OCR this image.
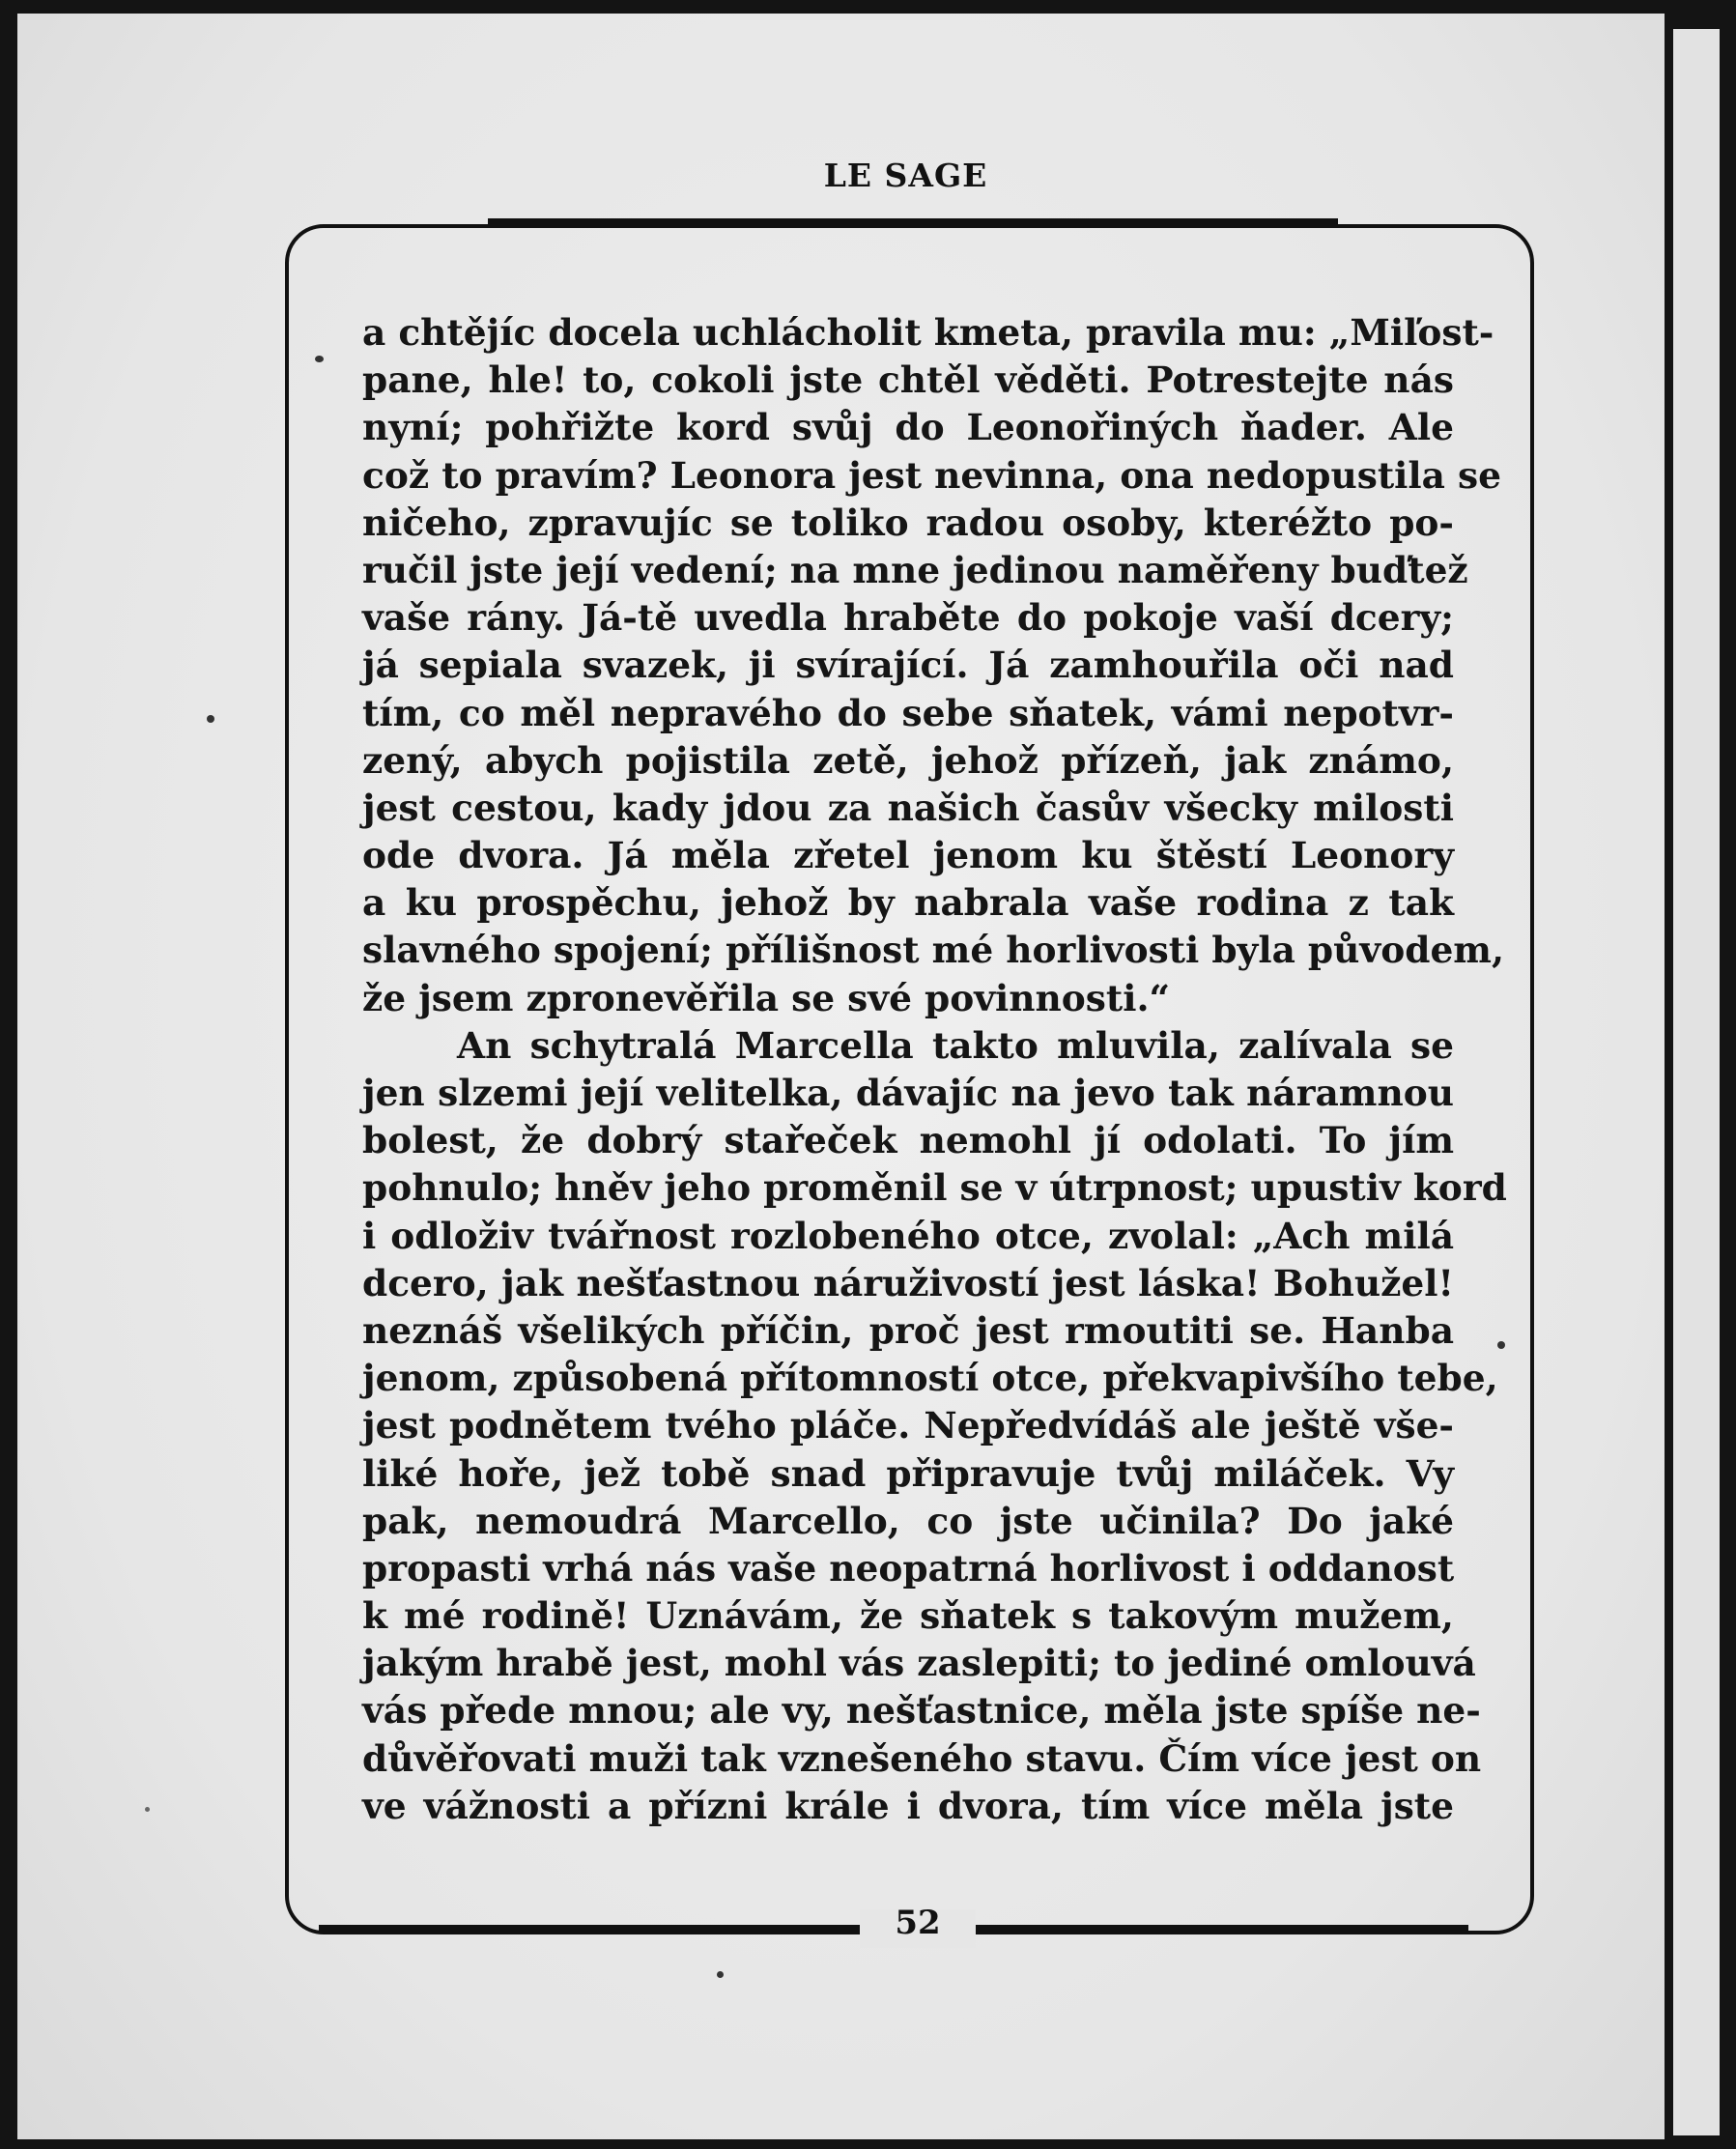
LE SAGE
52
a chtějíc docela uchlácholit kmeta, pravila mu: „Miľost-
pane, hle! to, cokoli jste chtěl věděti. Potrestejte nás
nyní; pohřižte kord svůj do Leonořiných ňader. Ale
což to pravím? Leonora jest nevinna, ona nedopustila se
ničeho, zpravujíc se toliko radou osoby, kteréžto po-
ručil jste její vedení; na mne jedinou naměřeny buďtež
vaše rány. Já-tě uvedla hraběte do pokoje vaší dcery;
já sepiala svazek, ji svírající. Já zamhouřila oči nad
tím, co měl nepravého do sebe sňatek, vámi nepotvr-
zený, abych pojistila zetě, jehož přízeň, jak známo,
jest cestou, kady jdou za našich časův všecky milosti
ode dvora. Já měla zřetel jenom ku štěstí Leonory
a ku prospěchu, jehož by nabrala vaše rodina z tak
slavného spojení; přílišnost mé horlivosti byla původem,
že jsem zpronevěřila se své povinnosti.“
An schytralá Marcella takto mluvila, zalívala se
jen slzemi její velitelka, dávajíc na jevo tak náramnou
bolest, že dobrý stařeček nemohl jí odolati. To jím
pohnulo; hněv jeho proměnil se v útrpnost; upustiv kord
i odloživ tvářnost rozlobeného otce, zvolal: „Ach milá
dcero, jak nešťastnou náruživostí jest láska! Bohužel!
neznáš všelikých příčin, proč jest rmoutiti se. Hanba
jenom, způsobená přítomností otce, překvapivšího tebe,
jest podnětem tvého pláče. Nepředvídáš ale ještě vše-
liké hoře, jež tobě snad připravuje tvůj miláček. Vy
pak, nemoudrá Marcello, co jste učinila? Do jaké
propasti vrhá nás vaše neopatrná horlivost i oddanost
k mé rodině! Uznávám, že sňatek s takovým mužem,
jakým hrabě jest, mohl vás zaslepiti; to jediné omlouvá
vás přede mnou; ale vy, nešťastnice, měla jste spíše ne-
důvěřovati muži tak vznešeného stavu. Čím více jest on
ve vážnosti a přízni krále i dvora, tím více měla jste
